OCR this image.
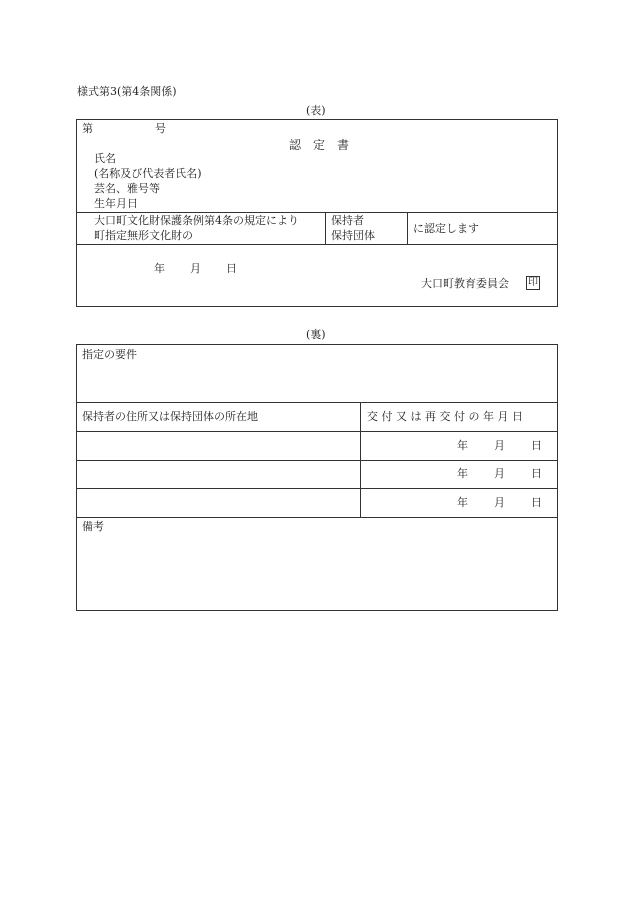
様式第3(第4条関係)
(表)
第	号
認　定　書
氏名
(名称及び代表者氏名)
芸名、雅号等
生年月日
大口町文化財保護条例第4条の規定により
町指定無形文化財の
保持者
保持団体
に認定します
年 月 日
大口町教育委員会 印
(裏)
指定の要件
保持者の住所又は保持団体の所在地	交 付 又 は 再 交 付 の 年 月 日
年 月 日
年 月 日
年 月 日
備考
